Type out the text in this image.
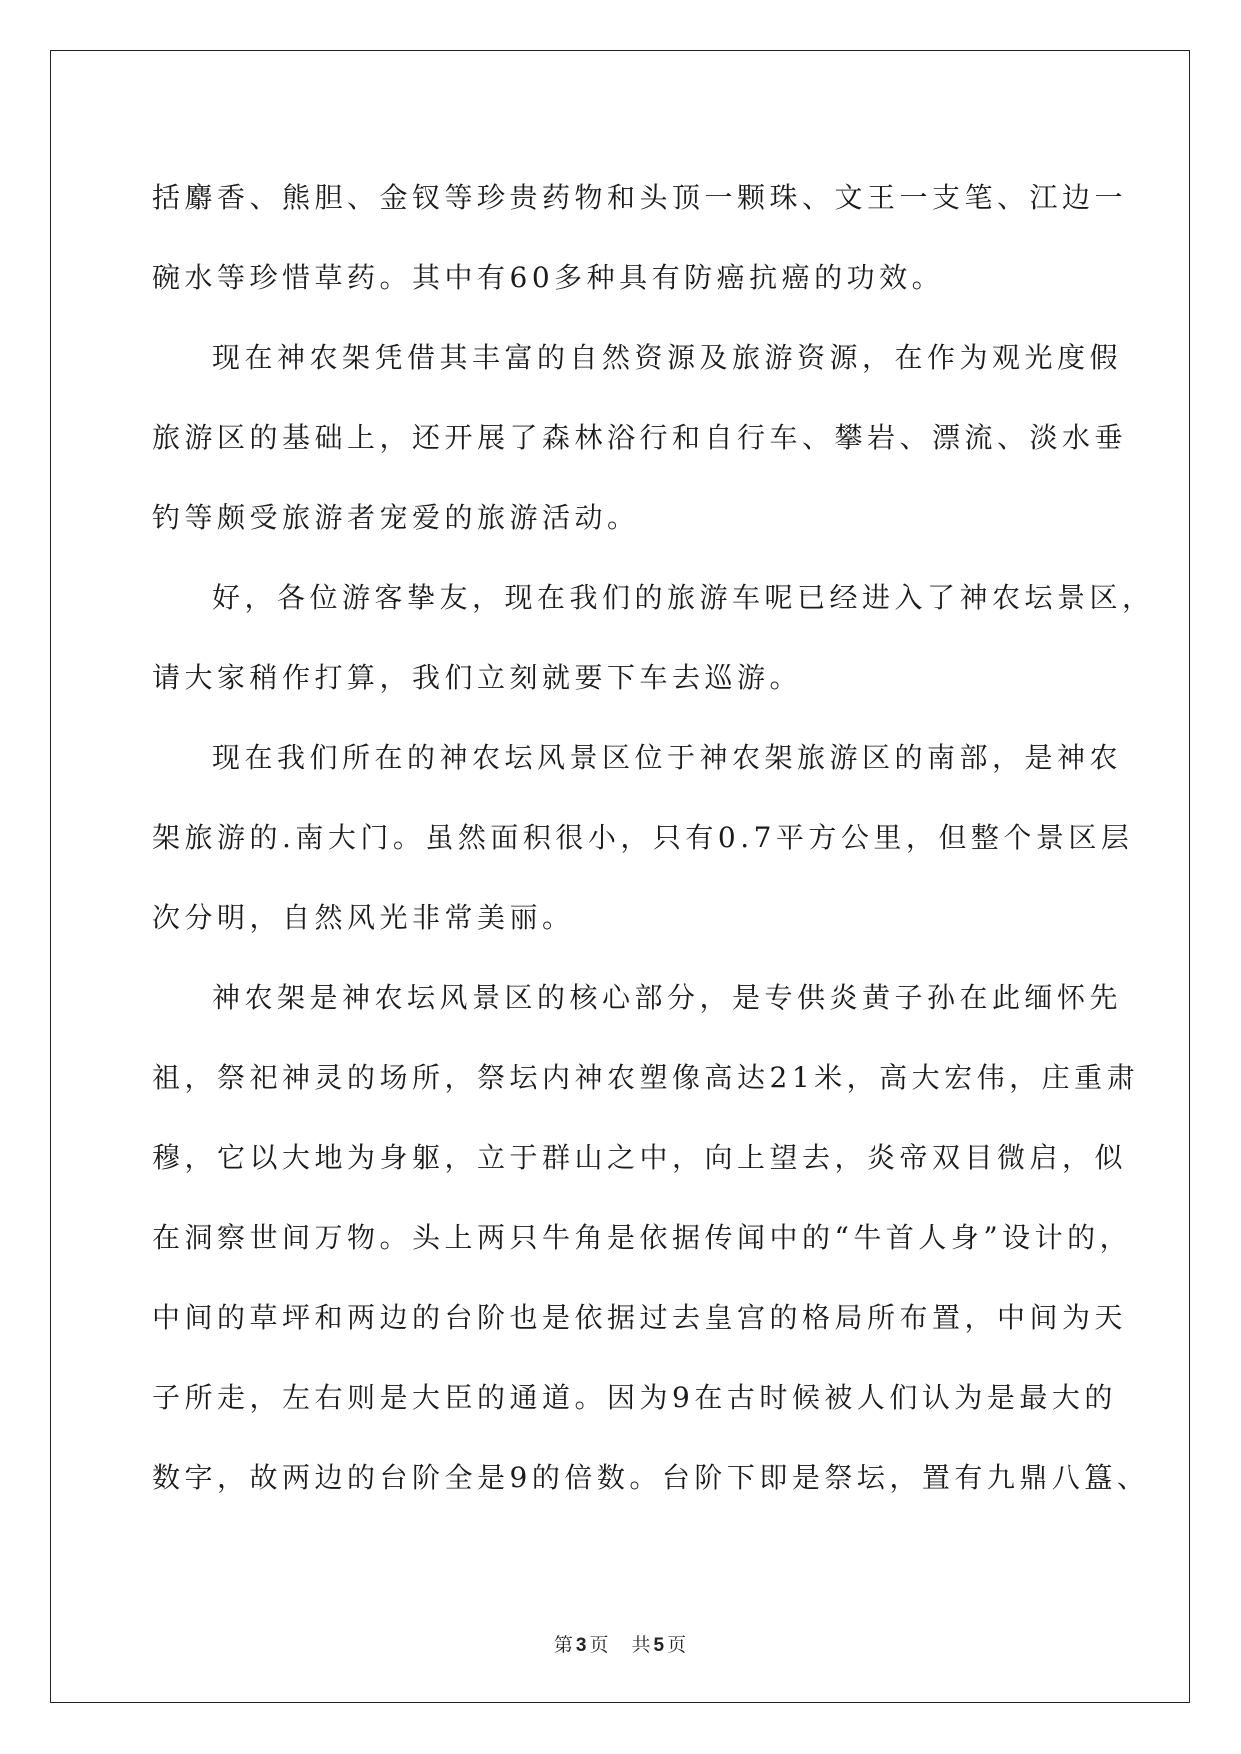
括麝香、熊胆、金钗等珍贵药物和头顶一颗珠、文王一支笔、江边一
碗水等珍惜草药。其中有60多种具有防癌抗癌的功效。
现在神农架凭借其丰富的自然资源及旅游资源，在作为观光度假
旅游区的基础上，还开展了森林浴行和自行车、攀岩、漂流、淡水垂
钓等颇受旅游者宠爱的旅游活动。
好，各位游客挚友，现在我们的旅游车呢已经进入了神农坛景区，
请大家稍作打算，我们立刻就要下车去巡游。
现在我们所在的神农坛风景区位于神农架旅游区的南部，是神农
架旅游的.南大门。虽然面积很小，只有0.7平方公里，但整个景区层
次分明，自然风光非常美丽。
神农架是神农坛风景区的核心部分，是专供炎黄子孙在此缅怀先
祖，祭祀神灵的场所，祭坛内神农塑像高达21米，高大宏伟，庄重肃
穆，它以大地为身躯，立于群山之中，向上望去，炎帝双目微启，似
在洞察世间万物。头上两只牛角是依据传闻中的“牛首人身”设计的，
中间的草坪和两边的台阶也是依据过去皇宫的格局所布置，中间为天
子所走，左右则是大臣的通道。因为9在古时候被人们认为是最大的
数字，故两边的台阶全是9的倍数。台阶下即是祭坛，置有九鼎八簋、
第 3 页 共 5 页
